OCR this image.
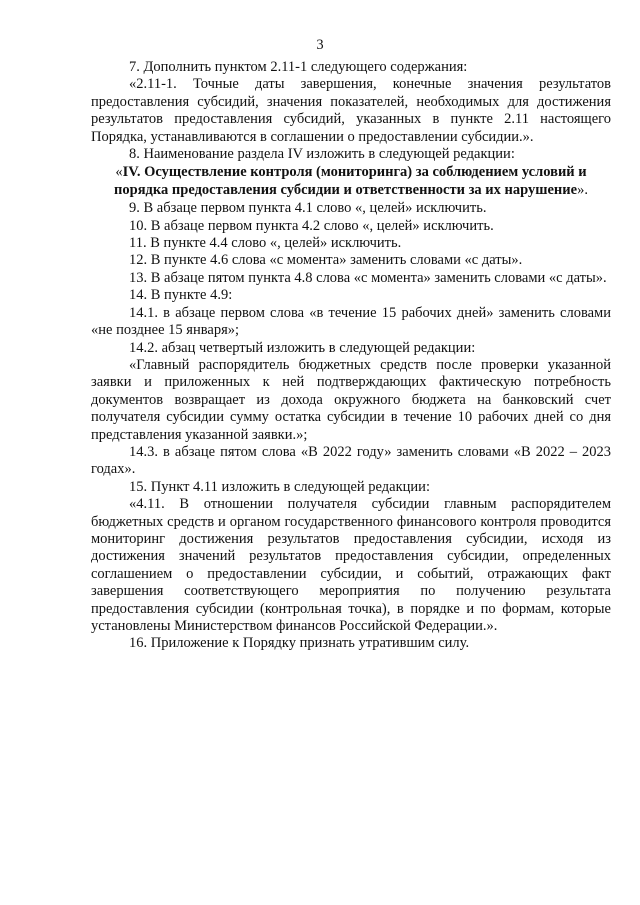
3

7. Дополнить пунктом 2.11-1 следующего содержания:

«2.11-1. Точные даты завершения, конечные значения результатов предоставления субсидий, значения показателей, необходимых для достижения результатов предоставления субсидий, указанных в пункте 2.11 настоящего Порядка, устанавливаются в соглашении о предоставлении субсидии.».

8. Наименование раздела IV изложить в следующей редакции:

«IV. Осуществление контроля (мониторинга) за соблюдением условий и порядка предоставления субсидии и ответственности за их нарушение».

9. В абзаце первом пункта 4.1 слово «, целей» исключить.

10. В абзаце первом пункта 4.2 слово «, целей» исключить.

11. В пункте 4.4 слово «, целей» исключить.

12. В пункте 4.6 слова «с момента» заменить словами «с даты».

13. В абзаце пятом пункта 4.8 слова «с момента» заменить словами «с даты».

14. В пункте 4.9:

14.1. в абзаце первом слова «в течение 15 рабочих дней» заменить словами «не позднее 15 января»;

14.2. абзац четвертый изложить в следующей редакции:

«Главный распорядитель бюджетных средств после проверки указанной заявки и приложенных к ней подтверждающих фактическую потребность документов возвращает из дохода окружного бюджета на банковский счет получателя субсидии сумму остатка субсидии в течение 10 рабочих дней со дня представления указанной заявки.»;

14.3. в абзаце пятом слова «В 2022 году» заменить словами «В 2022 – 2023 годах».

15. Пункт 4.11 изложить в следующей редакции:

«4.11. В отношении получателя субсидии главным распорядителем бюджетных средств и органом государственного финансового контроля проводится мониторинг достижения результатов предоставления субсидии, исходя из достижения значений результатов предоставления субсидии, определенных соглашением о предоставлении субсидии, и событий, отражающих факт завершения соответствующего мероприятия по получению результата предоставления субсидии (контрольная точка), в порядке и по формам, которые установлены Министерством финансов Российской Федерации.».

16. Приложение к Порядку признать утратившим силу.
